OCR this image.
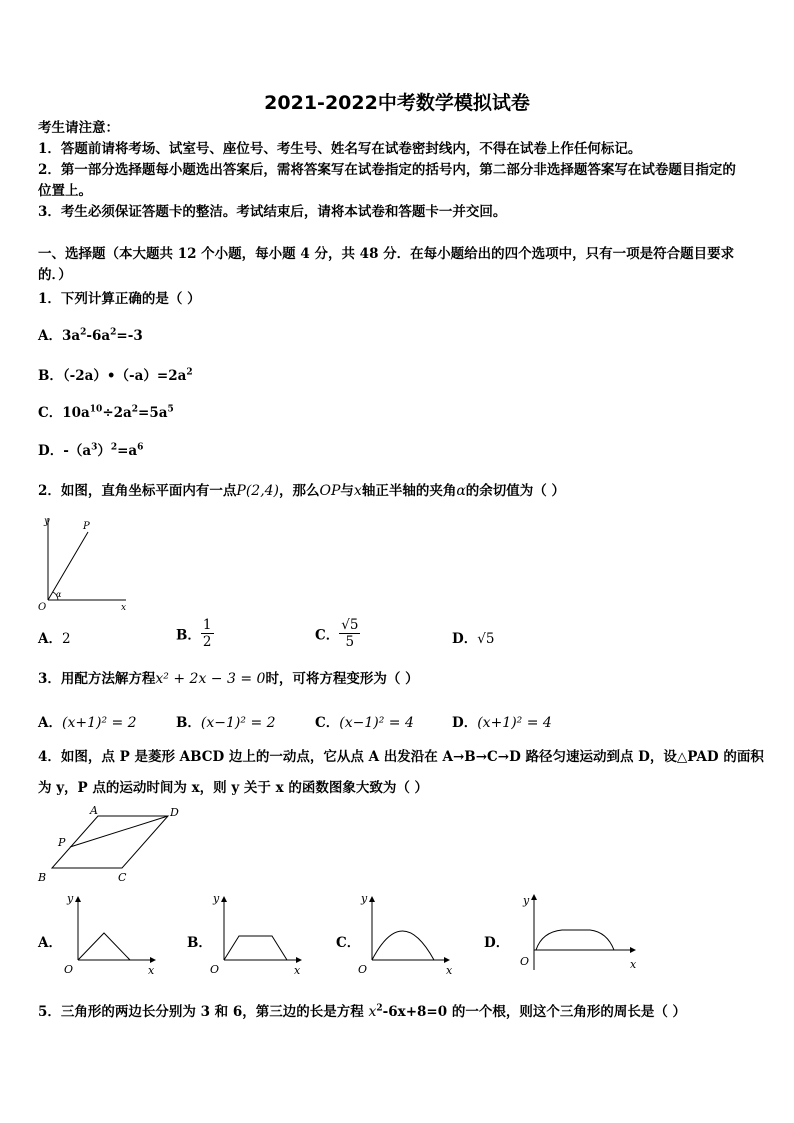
2021-2022中考数学模拟试卷
考生请注意：
1．答题前请将考场、试室号、座位号、考生号、姓名写在试卷密封线内，不得在试卷上作任何标记。
2．第一部分选择题每小题选出答案后，需将答案写在试卷指定的括号内，第二部分非选择题答案写在试卷题目指定的
位置上。
3．考生必须保证答题卡的整洁。考试结束后，请将本试卷和答题卡一并交回。
一、选择题（本大题共 12 个小题，每小题 4 分，共 48 分．在每小题给出的四个选项中，只有一项是符合题目要求
的．）
1．下列计算正确的是（ ）
A．$3a^2-6a^2=-3$
B．$(-2a)•(-a)=2a^2$
C．$10a^{10}\div 2a^2=5a^5$
D．$-(a^3)^2=a^6$
2．如图，直角坐标平面内有一点P(2,4)，那么OP与x轴正半轴的夹角α的余切值为（ ）
y	P
O
α
x
A．2	B． $\frac{1}{2}$	C． $\frac{√5}{5}$	D．√5
3．用配方法解方程x² + 2x − 3 = 0时，可将方程变形为（ ）
A．(x+1)² = 2	B．(x−1)² = 2	C．(x−1)² = 4	D．(x+1)² = 4
4．如图，点 P 是菱形 ABCD 边上的一动点，它从点 A 出发沿在 A→B→C→D 路径匀速运动到点 D，设△PAD 的面积
为 y，P 点的运动时间为 x，则 y 关于 x 的函数图象大致为（ ）
A	D
P
B	C
A．
y
O	x
B．
y
O	x
C．
y
O	x
D．
y
O	x
5．三角形的两边长分别为 3 和 6，第三边的长是方程 $x^2-6x+8=0$ 的一个根，则这个三角形的周长是（ ）
